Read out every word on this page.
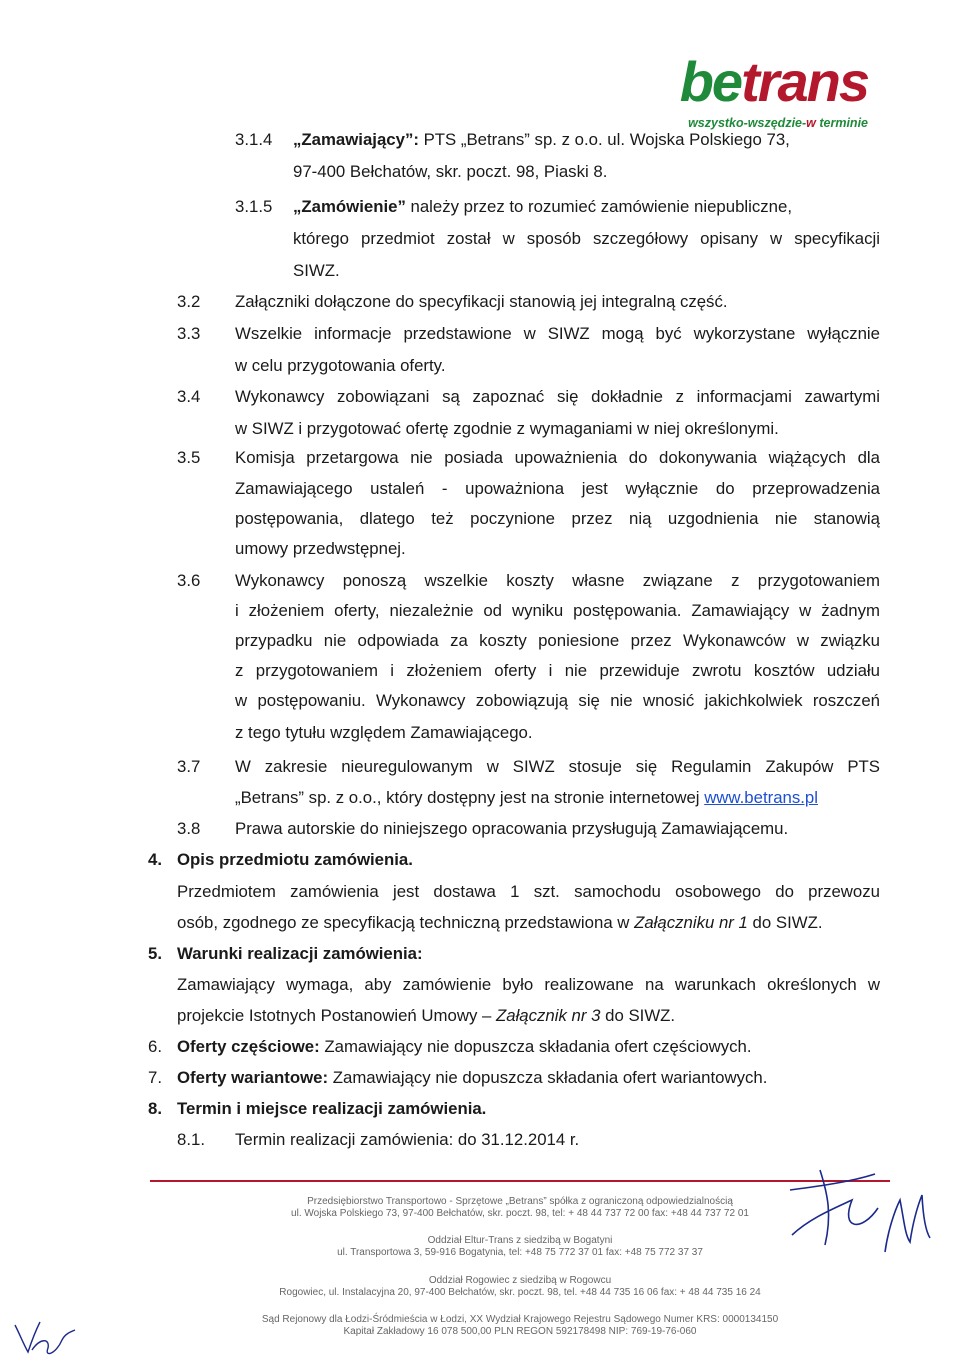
betrans
wszystko-wszędzie-w terminie
3.1.4 „Zamawiający”: PTS „Betrans” sp. z o.o. ul. Wojska Polskiego 73,
97-400 Bełchatów, skr. poczt. 98, Piaski 8.
3.1.5 „Zamówienie” należy przez to rozumieć zamówienie niepubliczne,
którego przedmiot został w sposób szczegółowy opisany w specyfikacji
SIWZ.
3.2 Załączniki dołączone do specyfikacji stanowią jej integralną część.
3.3 Wszelkie informacje przedstawione w SIWZ mogą być wykorzystane wyłącznie
w celu przygotowania oferty.
3.4 Wykonawcy zobowiązani są zapoznać się dokładnie z informacjami zawartymi
w SIWZ i przygotować ofertę zgodnie z wymaganiami w niej określonymi.
3.5 Komisja przetargowa nie posiada upoważnienia do dokonywania wiążących dla
Zamawiającego ustaleń - upoważniona jest wyłącznie do przeprowadzenia
postępowania, dlatego też poczynione przez nią uzgodnienia nie stanowią
umowy przedwstępnej.
3.6 Wykonawcy ponoszą wszelkie koszty własne związane z przygotowaniem
i złożeniem oferty, niezależnie od wyniku postępowania. Zamawiający w żadnym
przypadku nie odpowiada za koszty poniesione przez Wykonawców w związku
z przygotowaniem i złożeniem oferty i nie przewiduje zwrotu kosztów udziału
w postępowaniu. Wykonawcy zobowiązują się nie wnosić jakichkolwiek roszczeń
z tego tytułu względem Zamawiającego.
3.7 W zakresie nieuregulowanym w SIWZ stosuje się Regulamin Zakupów PTS
„Betrans” sp. z o.o., który dostępny jest na stronie internetowej www.betrans.pl
3.8 Prawa autorskie do niniejszego opracowania przysługują Zamawiającemu.
4. Opis przedmiotu zamówienia.
Przedmiotem zamówienia jest dostawa 1 szt. samochodu osobowego do przewozu
osób, zgodnego ze specyfikacją techniczną przedstawiona w Załączniku nr 1 do SIWZ.
5. Warunki realizacji zamówienia:
Zamawiający wymaga, aby zamówienie było realizowane na warunkach określonych w
projekcie Istotnych Postanowień Umowy – Załącznik nr 3 do SIWZ.
6. Oferty częściowe: Zamawiający nie dopuszcza składania ofert częściowych.
7. Oferty wariantowe: Zamawiający nie dopuszcza składania ofert wariantowych.
8. Termin i miejsce realizacji zamówienia.
8.1. Termin realizacji zamówienia: do 31.12.2014 r.
Przedsiębiorstwo Transportowo - Sprzętowe „Betrans” spółka z ograniczoną odpowiedzialnością
ul. Wojska Polskiego 73, 97-400 Bełchatów, skr. poczt. 98, tel: + 48 44 737 72 00 fax: +48 44 737 72 01
Oddział Eltur-Trans z siedzibą w Bogatyni
ul. Transportowa 3, 59-916 Bogatynia, tel: +48 75 772 37 01 fax: +48 75 772 37 37
Oddział Rogowiec z siedzibą w Rogowcu
Rogowiec, ul. Instalacyjna 20, 97-400 Bełchatów, skr. poczt. 98, tel. +48 44 735 16 06 fax: + 48 44 735 16 24
Sąd Rejonowy dla Łodzi-Śródmieścia w Łodzi, XX Wydział Krajowego Rejestru Sądowego Numer KRS: 0000134150
Kapitał Zakładowy 16 078 500,00 PLN REGON 592178498 NIP: 769-19-76-060
